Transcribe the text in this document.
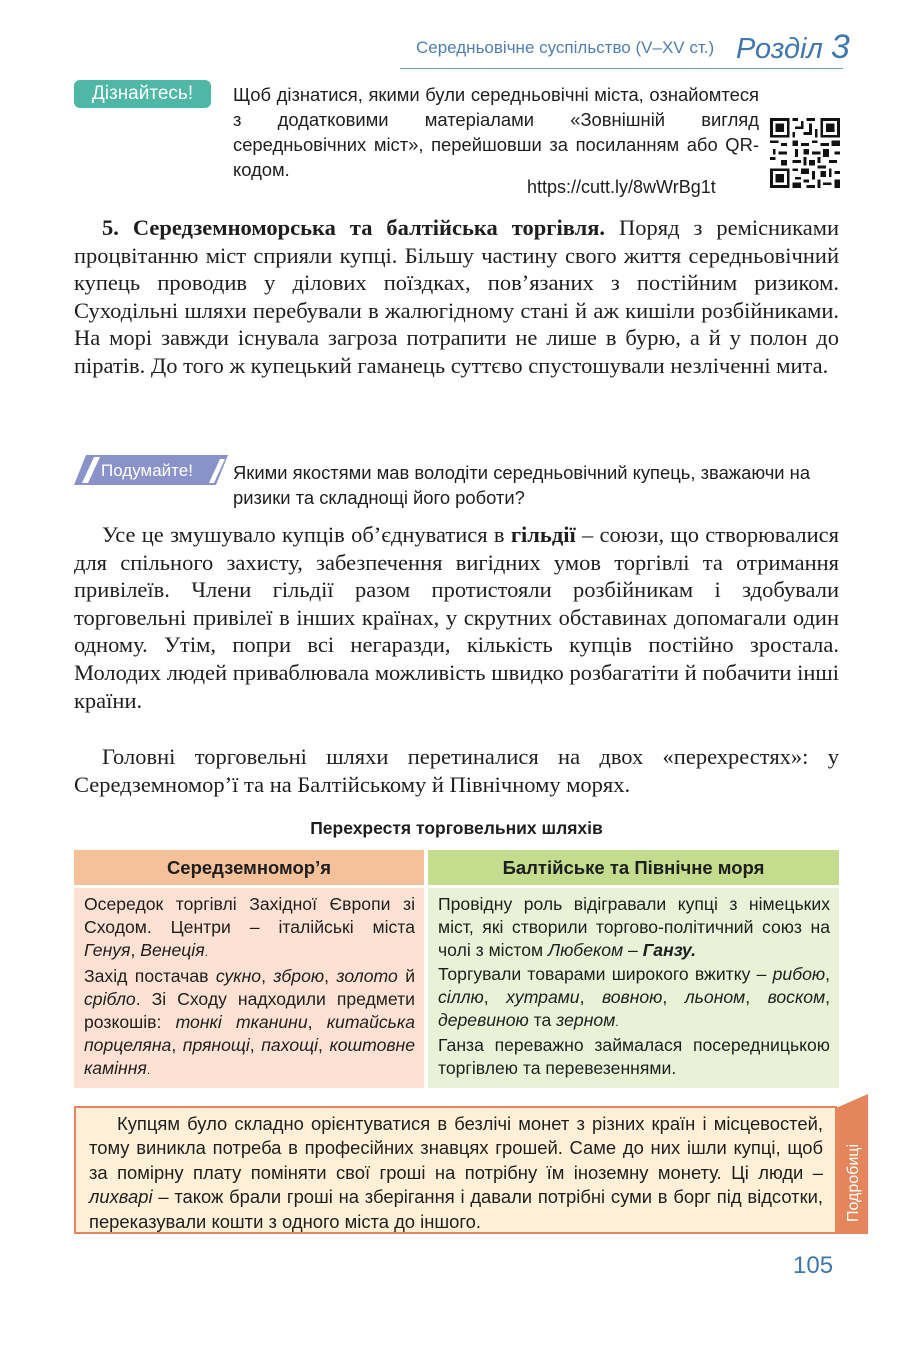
Середньовічне суспільство (V–XV ст.) Розділ 3
Дізнайтесь!	Щоб дізнатися, якими були середньовічні міста, ознайомтеся з додатковими матеріалами «Зовнішній вигляд середньовічних міст», перейшовши за посиланням або QR-кодом.
https://cutt.ly/8wWrBg1t
5. Середземноморська та балтійська торгівля. Поряд з ремісниками процвітанню міст сприяли купці. Більшу частину свого життя середньовічний купець проводив у ділових поїздках, пов’язаних з постійним ризиком. Суходільні шляхи перебували в жалюгідному стані й аж кишіли розбійниками. На морі завжди існувала загроза потрапити не лише в бурю, а й у полон до піратів. До того ж купецький гаманець суттєво спустошували незліченні мита.
Подумайте! Якими якостями мав володіти середньовічний купець, зважаючи на ризики та складнощі його роботи?
Усе це змушувало купців об’єднуватися в гільдії – союзи, що створювалися для спільного захисту, забезпечення вигідних умов торгівлі та отримання привілеїв. Члени гільдії разом протистояли розбійникам і здобували торговельні привілеї в інших країнах, у скрутних обставинах допомагали один одному. Утім, попри всі негаразди, кількість купців постійно зростала. Молодих людей приваблювала можливість швидко розбагатіти й побачити інші країни.
Головні торговельні шляхи перетиналися на двох «перехрестях»: у Середземномор’ї та на Балтійському й Північному морях.
Перехрестя торговельних шляхів
Середземномор’я

Осередок торгівлі Західної Європи зі Сходом. Центри – італійські міста Генуя, Венеція.

Захід постачав сукно, зброю, золото й срібло. Зі Сходу надходили предмети розкошів: тонкі тканини, китайська порцеляна, прянощі, пахощі, коштовне каміння.

Балтійське та Північне моря

Провідну роль відігравали купці з німецьких міст, які створили торгово-політичний союз на чолі з містом Любеком – Ганзу.

Торгували товарами широкого вжитку – рибою, сіллю, хутрами, вовною, льоном, воском, деревиною та зерном.

Ганза переважно займалася посередницькою торгівлею та перевезеннями.

Купцям було складно орієнтуватися в безлічі монет з різних країн і місцевостей, тому виникла потреба в професійних знавцях грошей. Саме до них ішли купці, щоб за помірну плату поміняти свої гроші на потрібну їм іноземну монету. Ці люди – лихварі – також брали гроші на зберігання і давали потрібні суми в борг під відсотки, переказували кошти з одного міста до іншого.	Подробиці
105
